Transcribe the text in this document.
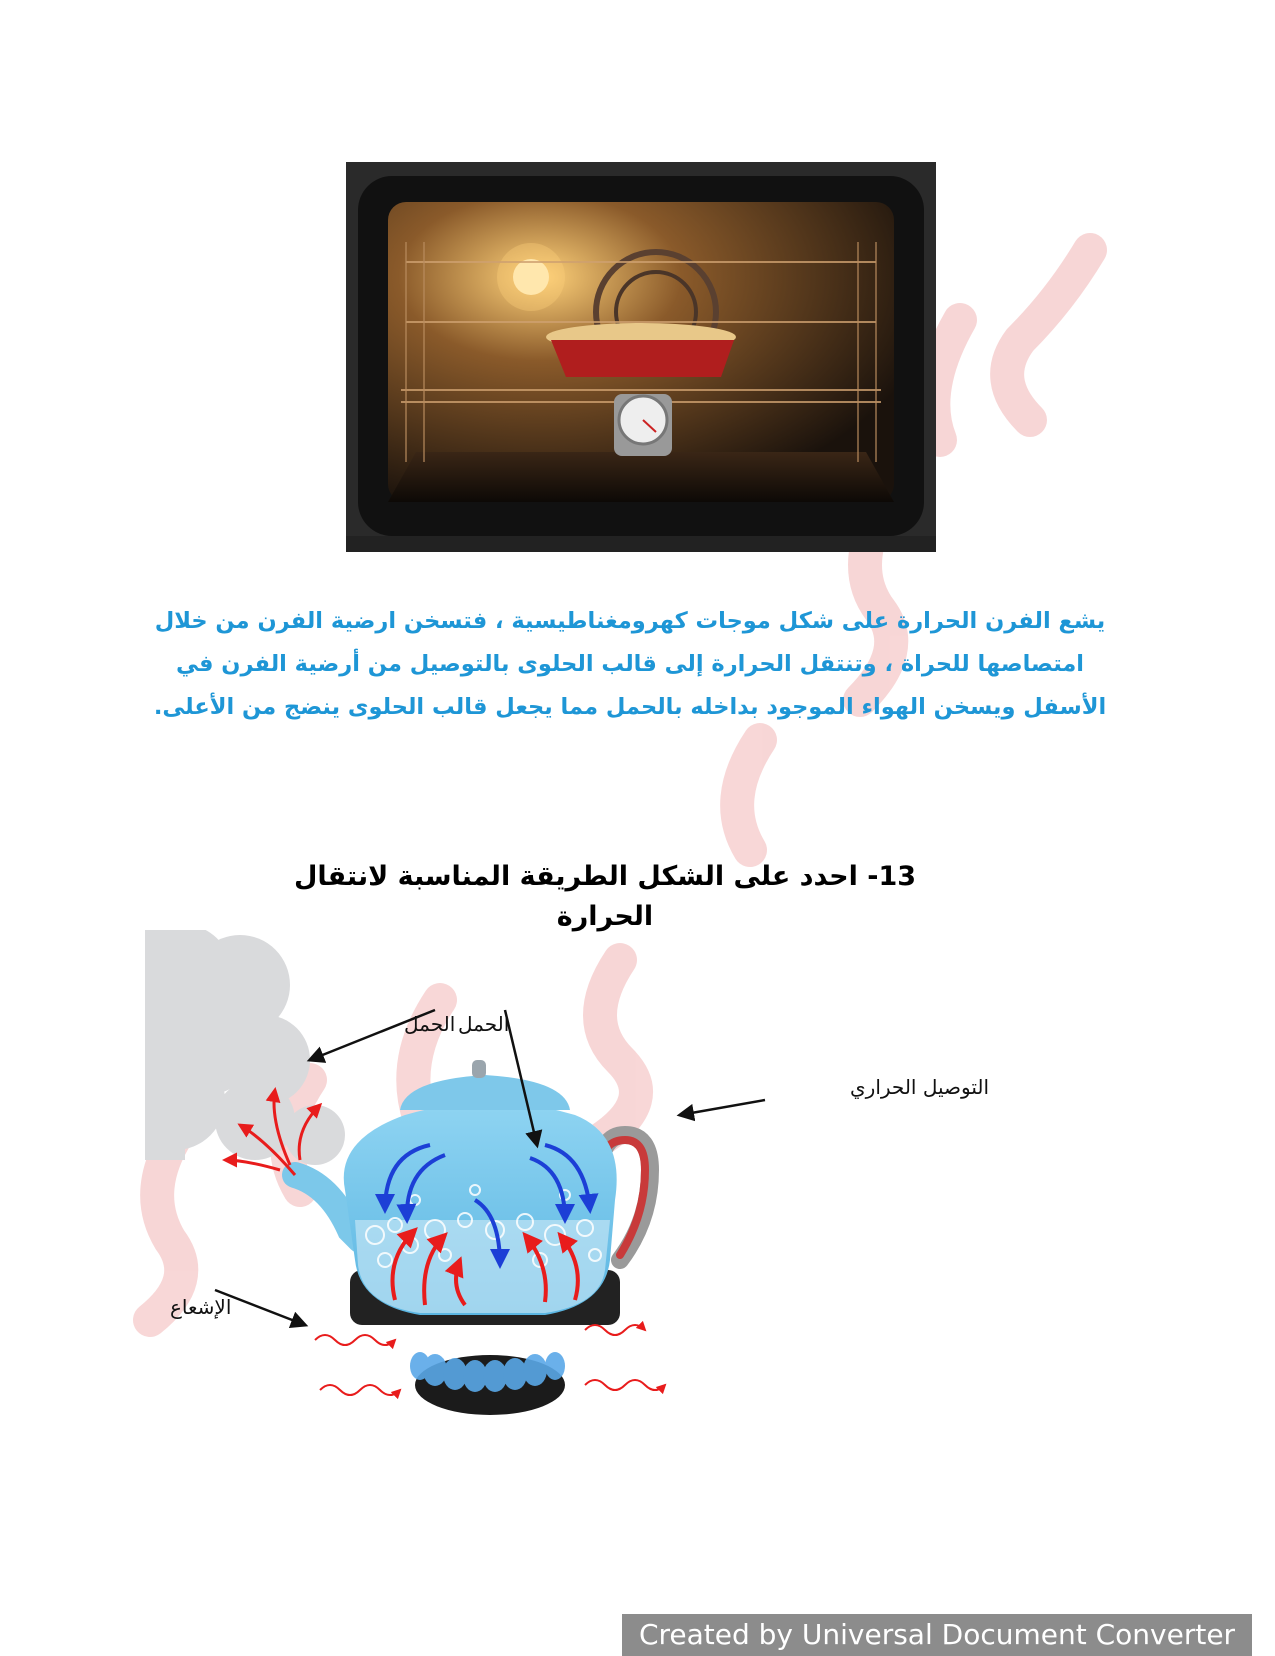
يشع الفرن الحرارة على شكل موجات كهرومغناطيسية ، فتسخن ارضية الفرن من خلال امتصاصها للحراة ، وتنتقل الحرارة إلى قالب الحلوى بالتوصيل من أرضية الفرن في الأسفل ويسخن الهواء الموجود بداخله بالحمل مما يجعل قالب الحلوى ينضج من الأعلى.
13- احدد على الشكل الطريقة المناسبة لانتقال الحرارة
الحمل
الحمل
التوصيل الحراري
الإشعاع
Created by Universal Document Converter
